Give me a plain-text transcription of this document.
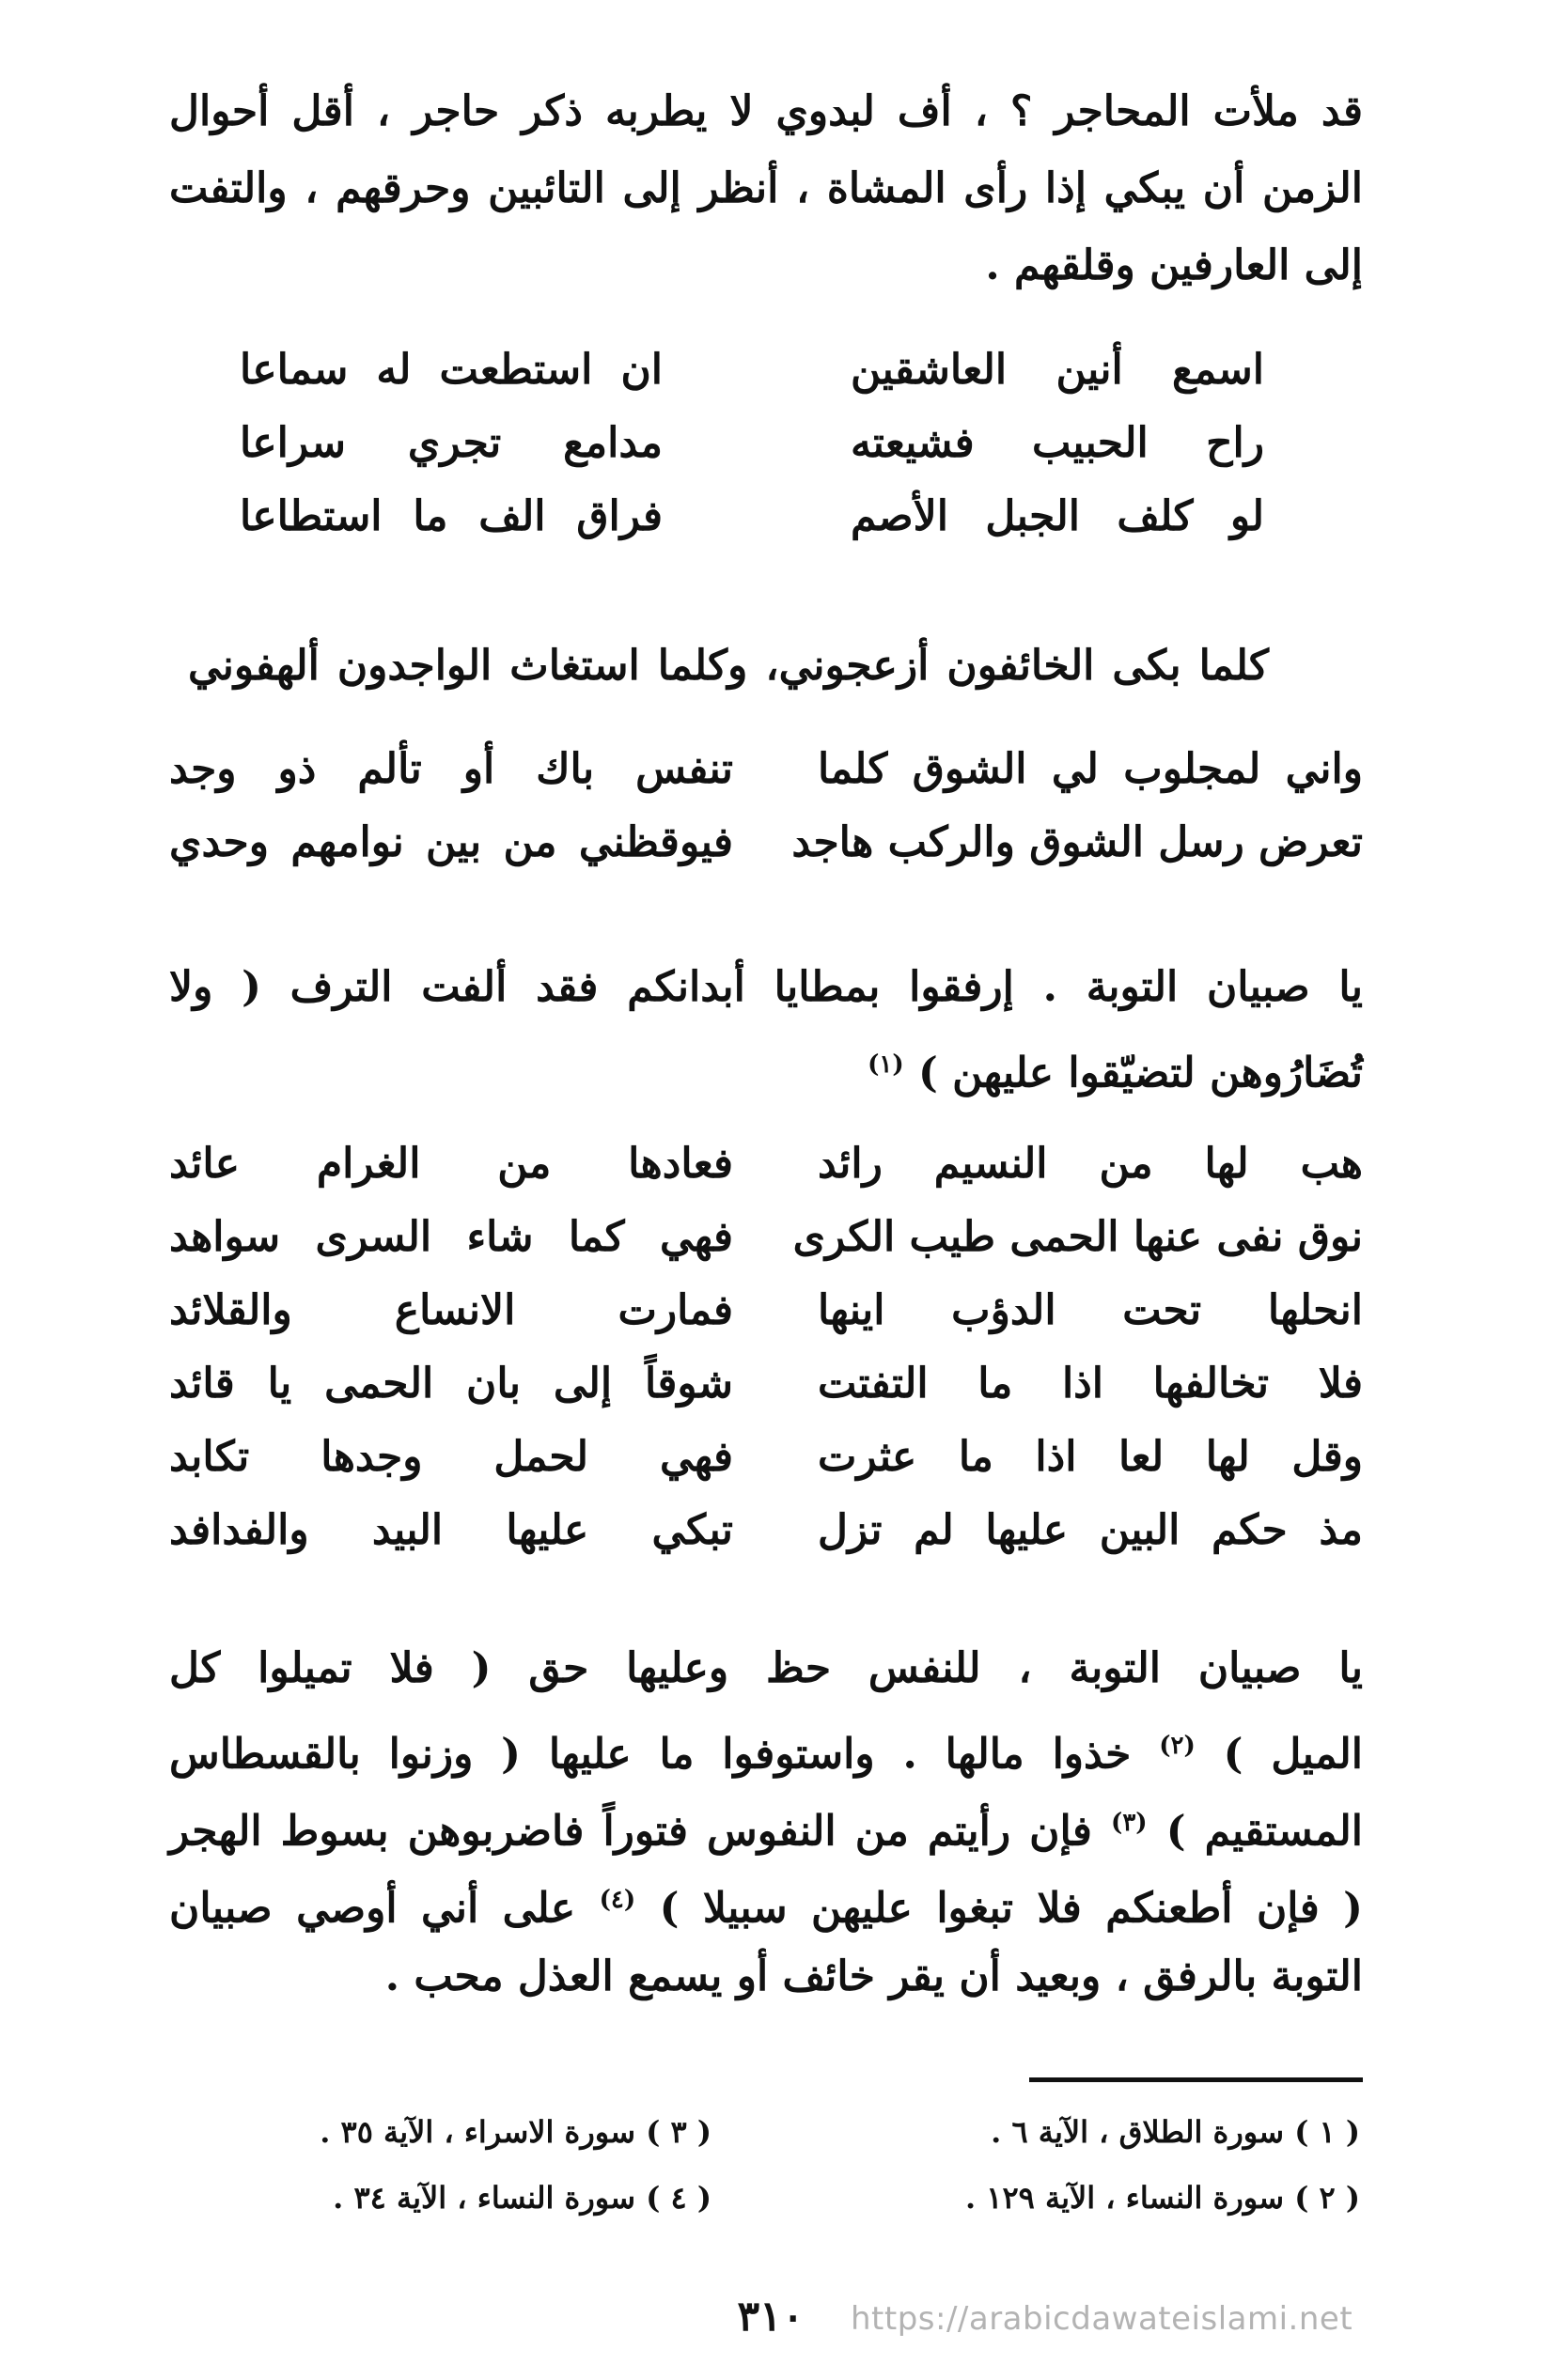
قد ملأت المحاجر ؟ ، أف لبدوي لا يطربه ذكر حاجر ، أقل أحوال
الزمن أن يبكي إذا رأى المشاة ، أنظر إلى التائبين وحرقهم ، والتفت
إلى العارفين وقلقهم .
اسمع أنين العاشقين
ان استطعت له سماعا
راح الحبيب فشيعته
مدامع تجري سراعا
لو كلف الجبل الأصم
فراق الف ما استطاعا
كلما بكى الخائفون أزعجوني، وكلما استغاث الواجدون ألهفوني
واني لمجلوب لي الشوق كلما
تنفس باك أو تألم ذو وجد
تعرض رسل الشوق والركب هاجد
فيوقظني من بين نوامهم وحدي
يا صبيان التوبة . إرفقوا بمطايا أبدانكم فقد ألفت الترف ( ولا
تُضَارُوهن لتضيّقوا عليهن ) $^{(١)}$
هب لها من النسيم رائد
فعادها من الغرام عائد
نوق نفى عنها الحمى طيب الكرى
فهي كما شاء السرى سواهد
انحلها تحت الدؤب اينها
فمارت الانساع والقلائد
فلا تخالفها اذا ما التفتت
شوقاً إلى بان الحمى يا قائد
وقل لها لعا اذا ما عثرت
فهي لحمل وجدها تكابد
مذ حكم البين عليها لم تزل
تبكي عليها البيد والفدافد
يا صبيان التوبة ، للنفس حظ وعليها حق ( فلا تميلوا كل
الميل ) $^{(٢)}$ خذوا مالها . واستوفوا ما عليها ( وزنوا بالقسطاس
المستقيم ) $^{(٣)}$ فإن رأيتم من النفوس فتوراً فاضربوهن بسوط الهجر
( فإن أطعنكم فلا تبغوا عليهن سبيلا ) $^{(٤)}$ على أني أوصي صبيان
التوبة بالرفق ، وبعيد أن يقر خائف أو يسمع العذل محب .
( ١ ) سورة الطلاق ، الآية ٦ .
( ٣ ) سورة الاسراء ، الآية ٣٥ .
( ٢ ) سورة النساء ، الآية ١٢٩ .
( ٤ ) سورة النساء ، الآية ٣٤ .
٣١٠	https://arabicdawateislami.net
